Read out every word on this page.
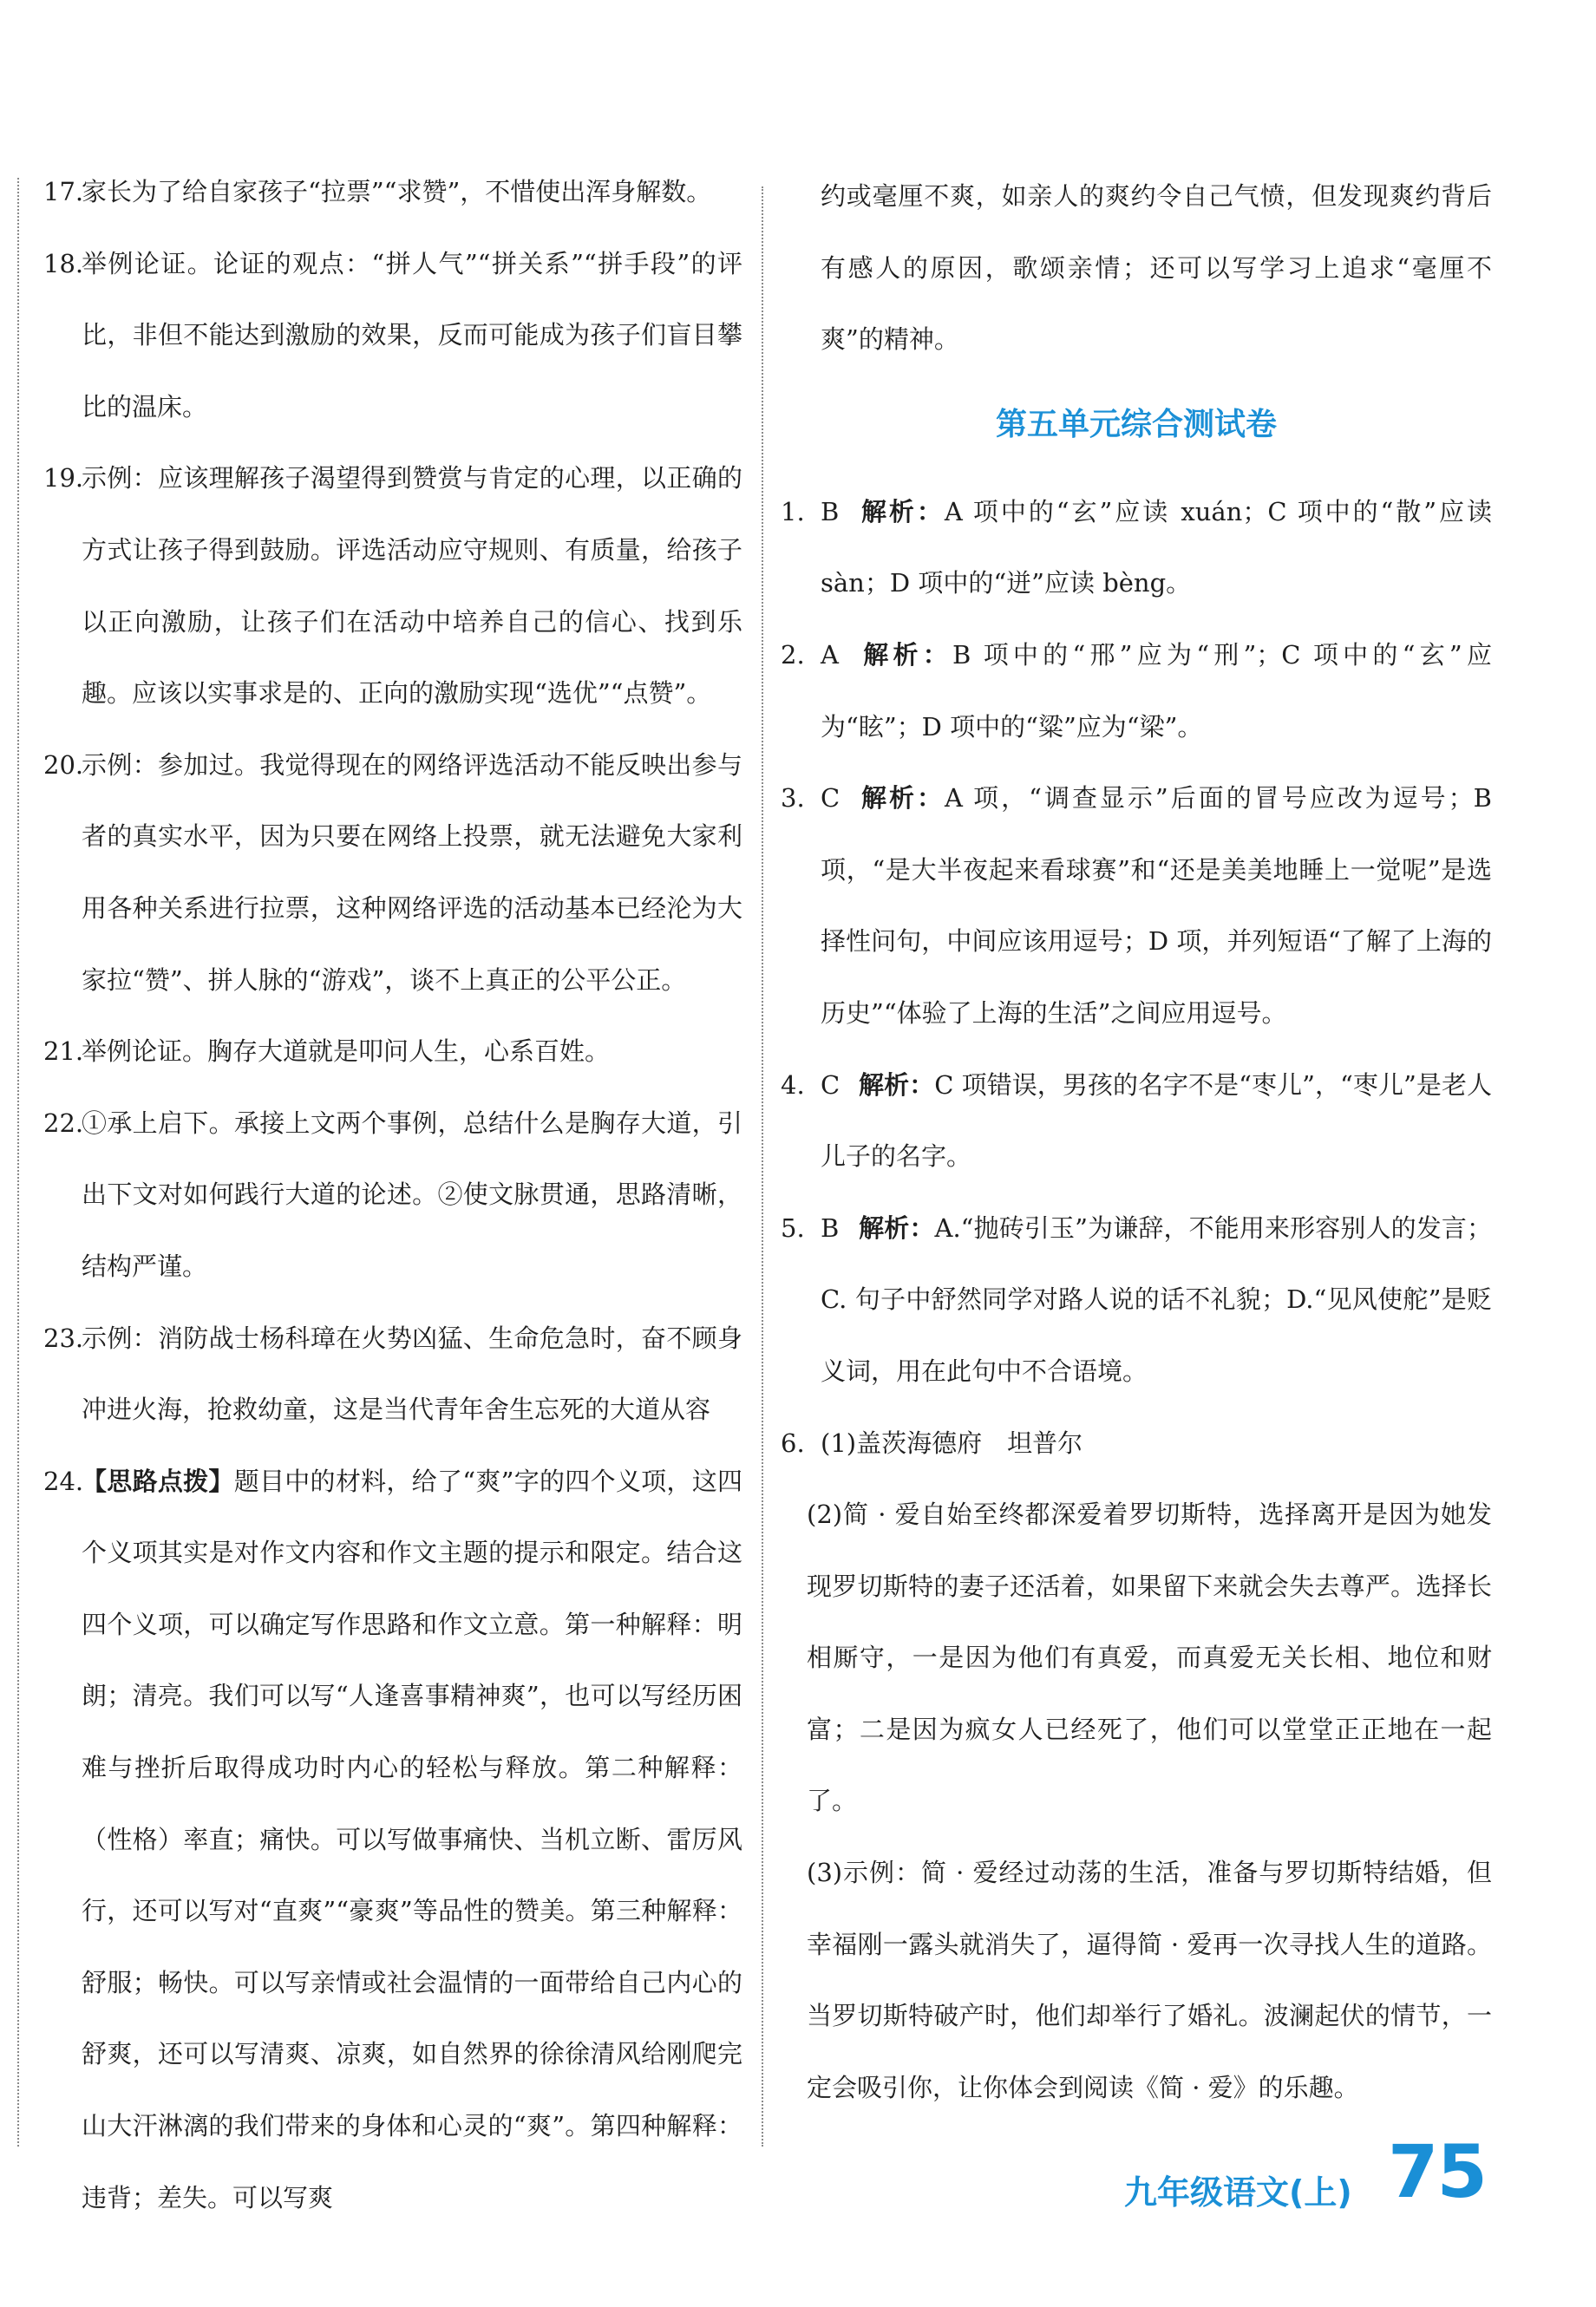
17.
家长为了给自家孩子“拉票”“求赞”，不惜使出浑身解数。
18.
举例论证。论证的观点：“拼人气”“拼关系”“拼手段”的评比，非但不能达到激励的效果，反而可能成为孩子们盲目攀比的温床。
19.
示例：应该理解孩子渴望得到赞赏与肯定的心理，以正确的方式让孩子得到鼓励。评选活动应守规则、有质量，给孩子以正向激励，让孩子们在活动中培养自己的信心、找到乐趣。应该以实事求是的、正向的激励实现“选优”“点赞”。
20.
示例：参加过。我觉得现在的网络评选活动不能反映出参与者的真实水平，因为只要在网络上投票，就无法避免大家利用各种关系进行拉票，这种网络评选的活动基本已经沦为大家拉“赞”、拼人脉的“游戏”，谈不上真正的公平公正。
21.
举例论证。胸存大道就是叩问人生，心系百姓。
22.
①承上启下。承接上文两个事例，总结什么是胸存大道，引出下文对如何践行大道的论述。②使文脉贯通，思路清晰，结构严谨。
23.
示例：消防战士杨科璋在火势凶猛、生命危急时，奋不顾身冲进火海，抢救幼童，这是当代青年舍生忘死的大道从容
24.
【思路点拨】题目中的材料，给了“爽”字的四个义项，这四个义项其实是对作文内容和作文主题的提示和限定。结合这四个义项，可以确定写作思路和作文立意。第一种解释：明朗；清亮。我们可以写“人逢喜事精神爽”，也可以写经历困难与挫折后取得成功时内心的轻松与释放。第二种解释：（性格）率直；痛快。可以写做事痛快、当机立断、雷厉风行，还可以写对“直爽”“豪爽”等品性的赞美。第三种解释：舒服；畅快。可以写亲情或社会温情的一面带给自己内心的舒爽，还可以写清爽、凉爽，如自然界的徐徐清风给刚爬完山大汗淋漓的我们带来的身体和心灵的“爽”。第四种解释：违背；差失。可以写爽
约或毫厘不爽，如亲人的爽约令自己气愤，但发现爽约背后有感人的原因，歌颂亲情；还可以写学习上追求“毫厘不爽”的精神。
第五单元综合测试卷
1. B 解析：A 项中的“玄”应读 xuán；C 项中的“散”应读 sàn；D 项中的“迸”应读 bèng。
2. A 解析：B 项中的“邢”应为“刑”；C 项中的“玄”应为“眩”；D 项中的“粱”应为“梁”。
3. C 解析：A 项，“调查显示”后面的冒号应改为逗号；B 项，“是大半夜起来看球赛”和“还是美美地睡上一觉呢”是选择性问句，中间应该用逗号；D 项，并列短语“了解了上海的历史”“体验了上海的生活”之间应用逗号。
4. C 解析：C 项错误，男孩的名字不是“枣儿”，“枣儿”是老人儿子的名字。
5. B 解析：A.“抛砖引玉”为谦辞，不能用来形容别人的发言；C. 句子中舒然同学对路人说的话不礼貌；D.“见风使舵”是贬义词，用在此句中不合语境。
6. (1)盖茨海德府　坦普尔
(2)简 · 爱自始至终都深爱着罗切斯特，选择离开是因为她发现罗切斯特的妻子还活着，如果留下来就会失去尊严。选择长相厮守，一是因为他们有真爱，而真爱无关长相、地位和财富；二是因为疯女人已经死了，他们可以堂堂正正地在一起了。
(3)示例：简 · 爱经过动荡的生活，准备与罗切斯特结婚，但幸福刚一露头就消失了，逼得简 · 爱再一次寻找人生的道路。当罗切斯特破产时，他们却举行了婚礼。波澜起伏的情节，一定会吸引你，让你体会到阅读《简 · 爱》的乐趣。
九年级语文(上) 75
